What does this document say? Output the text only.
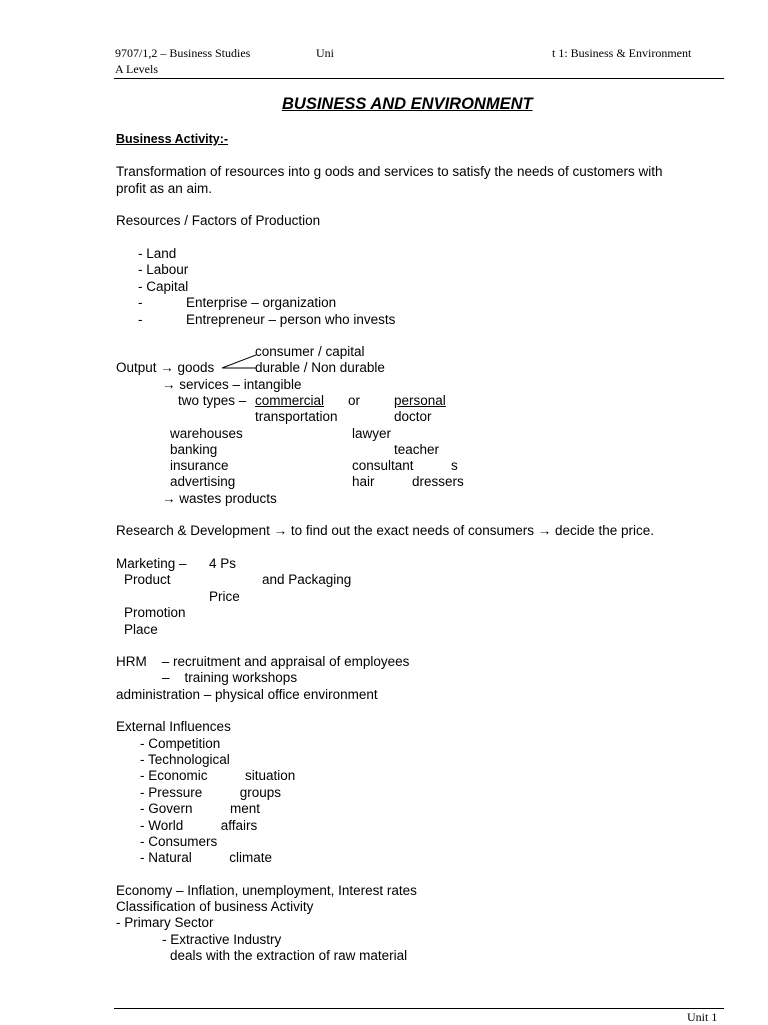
9707/1,2 – Business Studies	Uni	t 1: Business & Environment
A Levels
BUSINESS AND ENVIRONMENT
Business Activity:-
Transformation of resources into g oods and services to satisfy the needs of customers with
profit as an aim.
Resources / Factors of Production
- Land
- Labour
- Capital
-	Enterprise – organization
-	Entrepreneur – person who invests
consumer / capital
Output → goods	durable / Non durable
→ services – intangible
two types – commercial or	personal
transportation	doctor
warehouses	lawyer
banking	teacher
insurance	consultant          s
advertising	hair          dressers
→ wastes products
Research & Development → to find out the exact needs of consumers → decide the price.
Marketing – 4 Ps
Product	and Packaging
Price
Promotion
Place
HRM    – recruitment and appraisal of employees
–    training workshops
administration – physical office environment
External Influences
- Competition
- Technological
- Economic          situation
- Pressure          groups
- Govern          ment
- World          affairs
- Consumers
- Natural          climate
Economy – Inflation, unemployment, Interest rates
Classification of business Activity
- Primary Sector
- Extractive Industry
deals with the extraction of raw material
Unit 1
